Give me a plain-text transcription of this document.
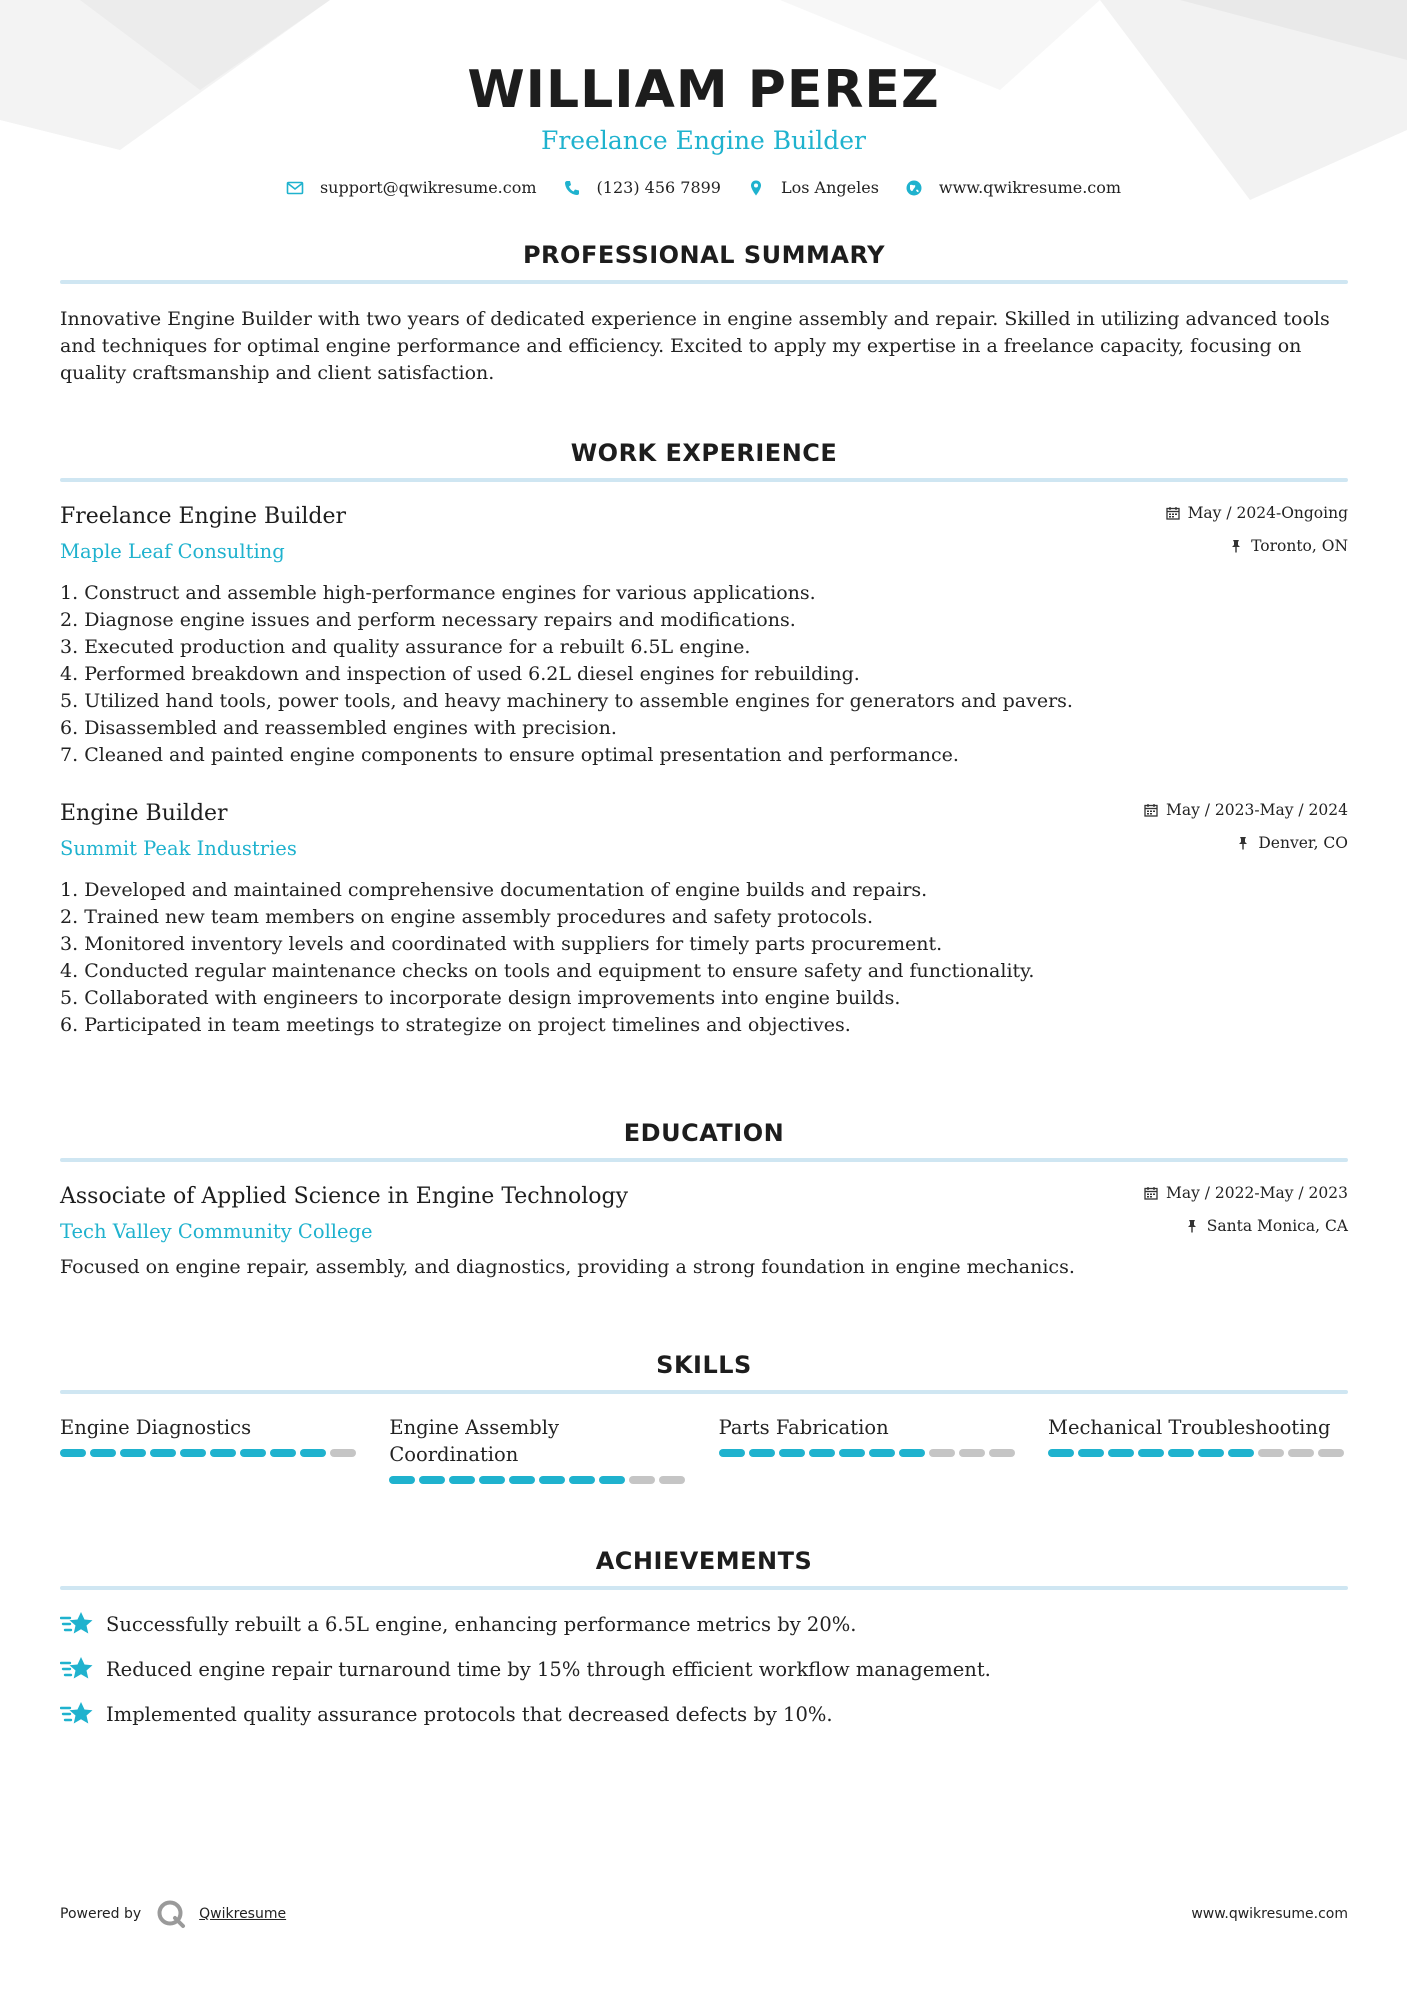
WILLIAM PEREZ
Freelance Engine Builder
support@qwikresume.com	(123) 456 7899	Los Angeles	www.qwikresume.com
PROFESSIONAL SUMMARY
Innovative Engine Builder with two years of dedicated experience in engine assembly and repair. Skilled in utilizing advanced tools and techniques for optimal engine performance and efficiency. Excited to apply my expertise in a freelance capacity, focusing on quality craftsmanship and client satisfaction.
WORK EXPERIENCE
Freelance Engine Builder
Maple Leaf Consulting
May / 2024-Ongoing
Toronto, ON
Construct and assemble high-performance engines for various applications.
Diagnose engine issues and perform necessary repairs and modifications.
Executed production and quality assurance for a rebuilt 6.5L engine.
Performed breakdown and inspection of used 6.2L diesel engines for rebuilding.
Utilized hand tools, power tools, and heavy machinery to assemble engines for generators and pavers.
Disassembled and reassembled engines with precision.
Cleaned and painted engine components to ensure optimal presentation and performance.
Engine Builder
Summit Peak Industries
May / 2023-May / 2024
Denver, CO
Developed and maintained comprehensive documentation of engine builds and repairs.
Trained new team members on engine assembly procedures and safety protocols.
Monitored inventory levels and coordinated with suppliers for timely parts procurement.
Conducted regular maintenance checks on tools and equipment to ensure safety and functionality.
Collaborated with engineers to incorporate design improvements into engine builds.
Participated in team meetings to strategize on project timelines and objectives.
EDUCATION
Associate of Applied Science in Engine Technology
Tech Valley Community College
May / 2022-May / 2023
Santa Monica, CA
Focused on engine repair, assembly, and diagnostics, providing a strong foundation in engine mechanics.
SKILLS
Engine Diagnostics	Engine Assembly Coordination
Parts Fabrication	Mechanical Troubleshooting
ACHIEVEMENTS
Successfully rebuilt a 6.5L engine, enhancing performance metrics by 20%.
Reduced engine repair turnaround time by 15% through efficient workflow management.
Implemented quality assurance protocols that decreased defects by 10%.
Powered by	Qwikresume	www.qwikresume.com
